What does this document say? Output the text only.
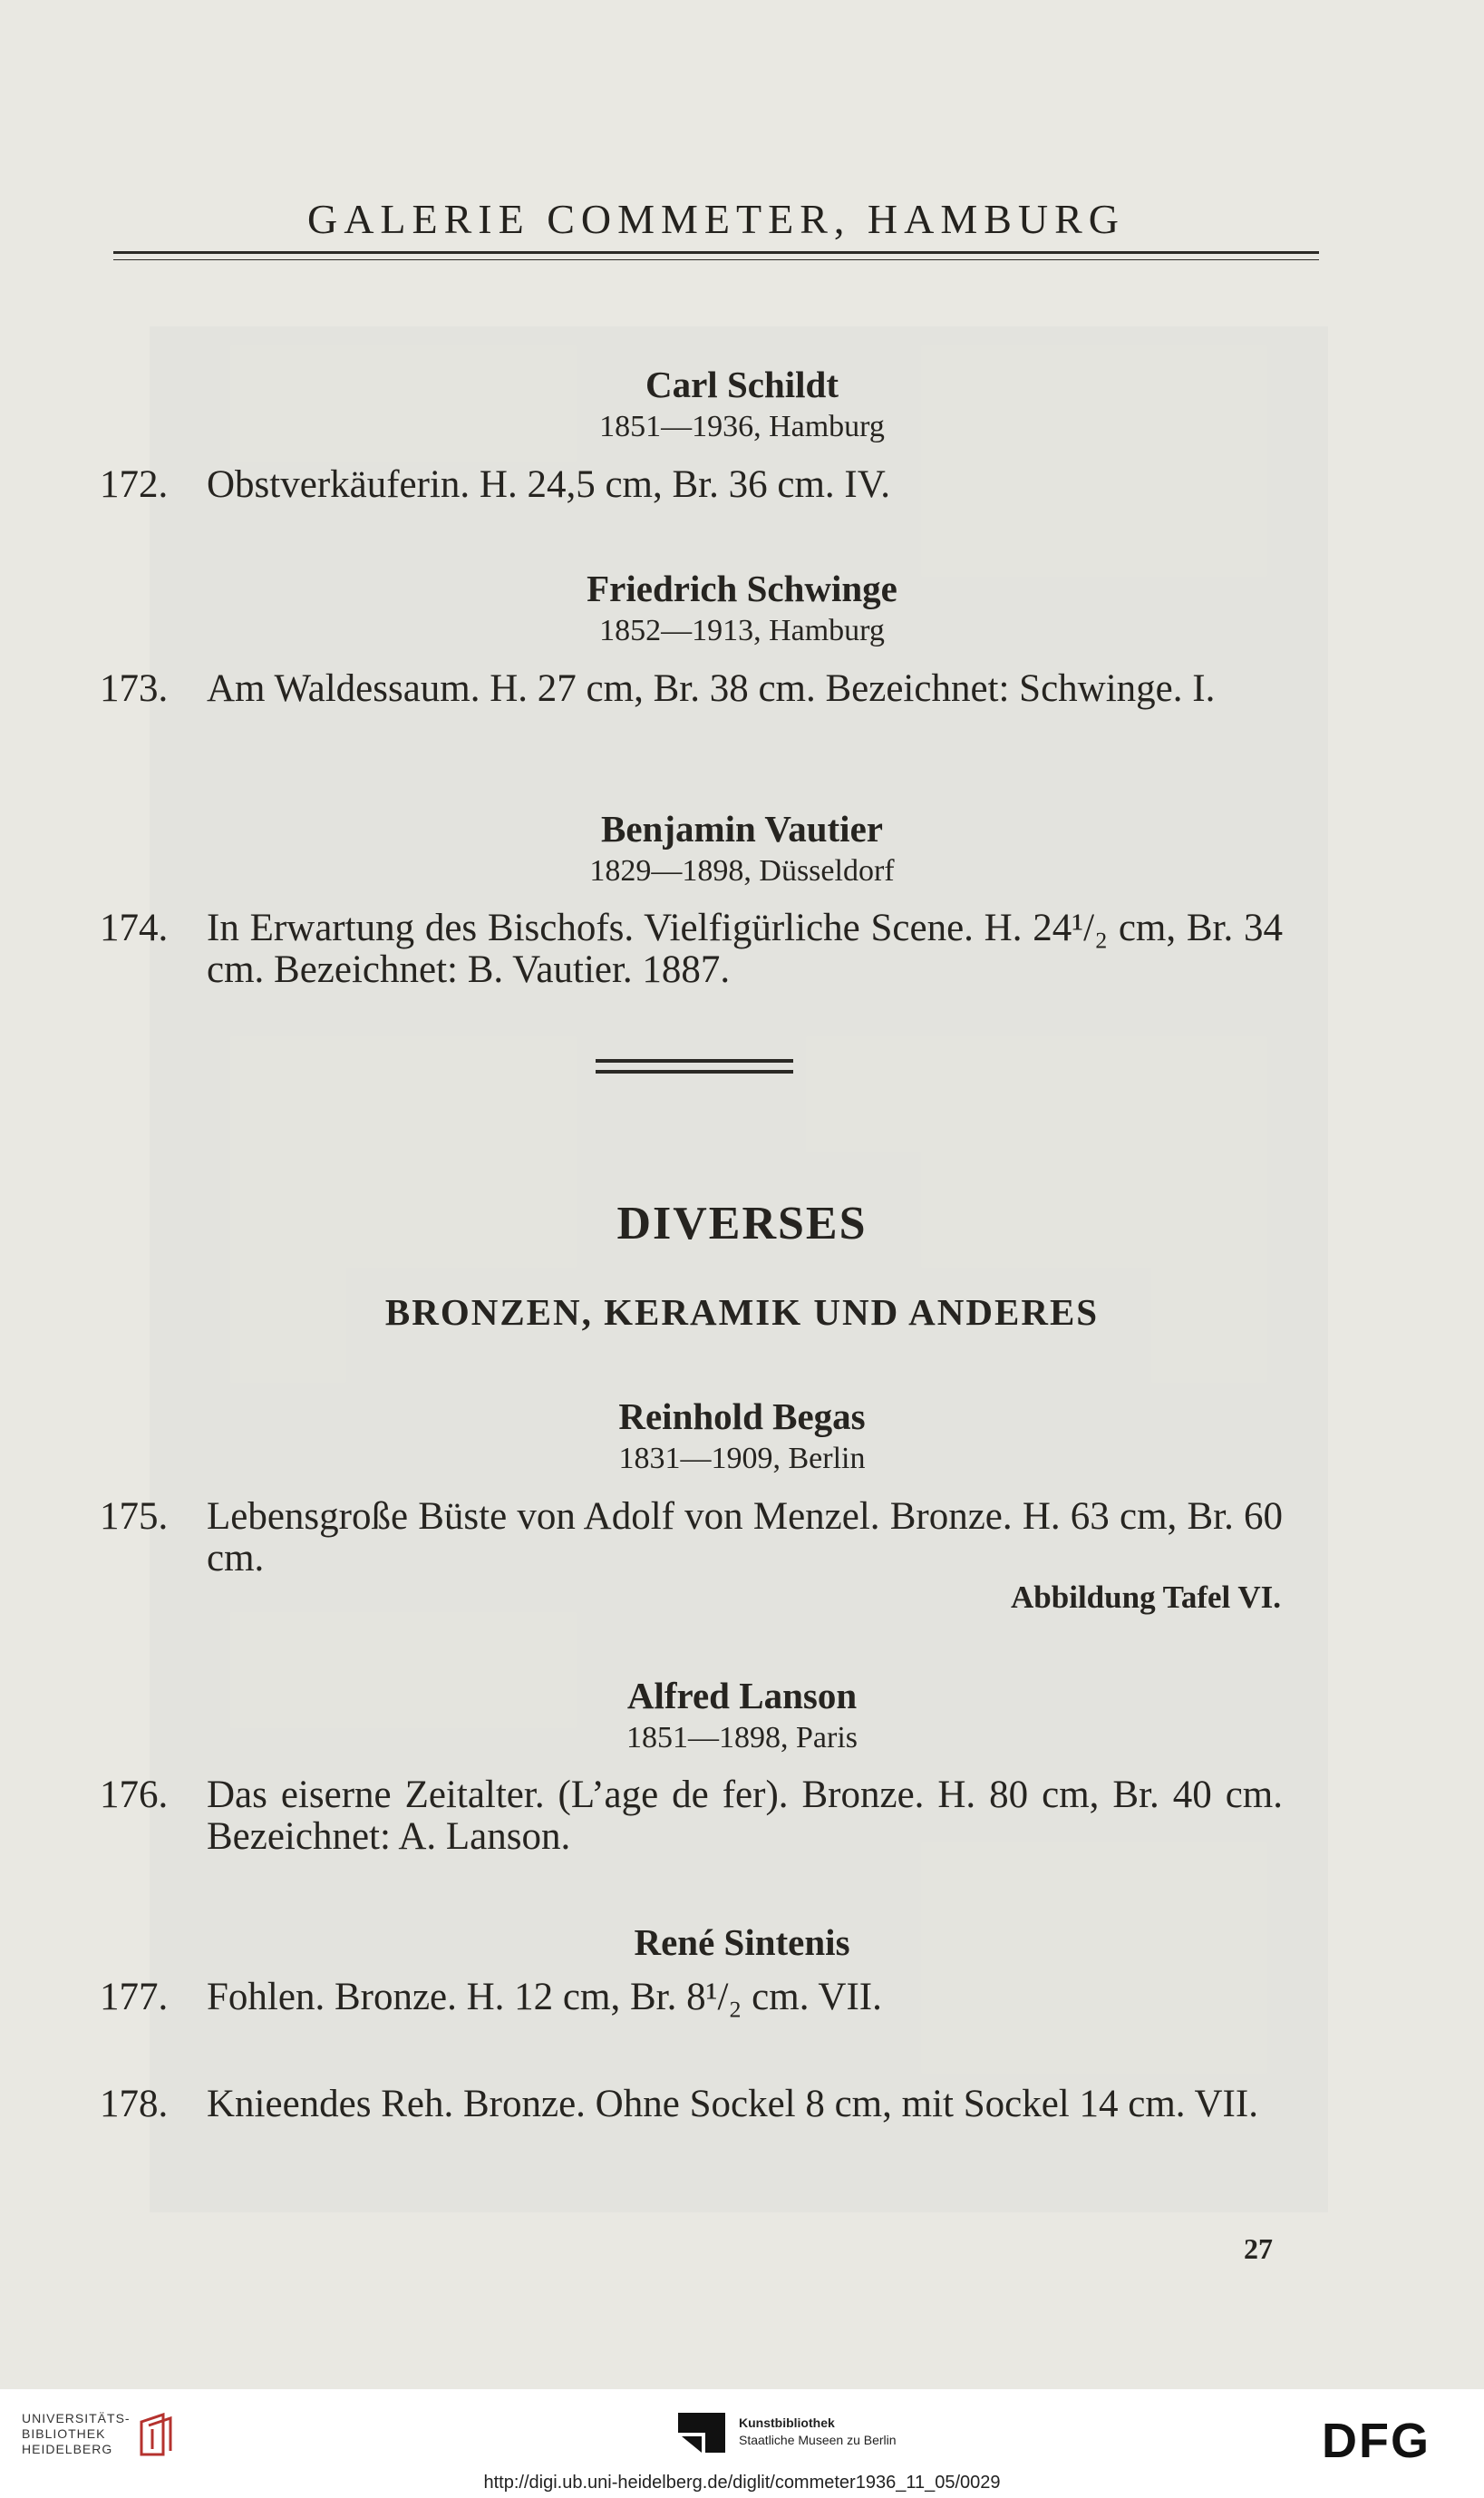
GALERIE COMMETER, HAMBURG

Carl Schildt

1851—1936, Hamburg

172. Obstverkäuferin. H. 24,5 cm, Br. 36 cm. IV.

Friedrich Schwinge

1852—1913, Hamburg

173. Am Waldessaum. H. 27 cm, Br. 38 cm. Bezeichnet: Schwinge. I.

Benjamin Vautier

1829—1898, Düsseldorf

174. In Erwartung des Bischofs. Vielfigürliche Scene. H. 24¹/₂ cm, Br. 34 cm. Bezeichnet: B. Vautier. 1887.
DIVERSES
BRONZEN, KERAMIK UND ANDERES

Reinhold Begas

1831—1909, Berlin

175. Lebensgroße Büste von Adolf von Menzel. Bronze. H. 63 cm, Br. 60 cm.
Abbildung Tafel VI.

Alfred Lanson

1851—1898, Paris

176. Das eiserne Zeitalter. (L’age de fer). Bronze. H. 80 cm, Br. 40 cm. Bezeichnet: A. Lanson.

René Sintenis

177. Fohlen. Bronze. H. 12 cm, Br. 8¹/₂ cm. VII.
178. Knieendes Reh. Bronze. Ohne Sockel 8 cm, mit Sockel 14 cm. VII.
27
UNIVERSITÄTS-
BIBLIOTHEK
HEIDELBERG
Kunstbibliothek
Staatliche Museen zu Berlin	DFG
http://digi.ub.uni-heidelberg.de/diglit/commeter1936_11_05/0029
